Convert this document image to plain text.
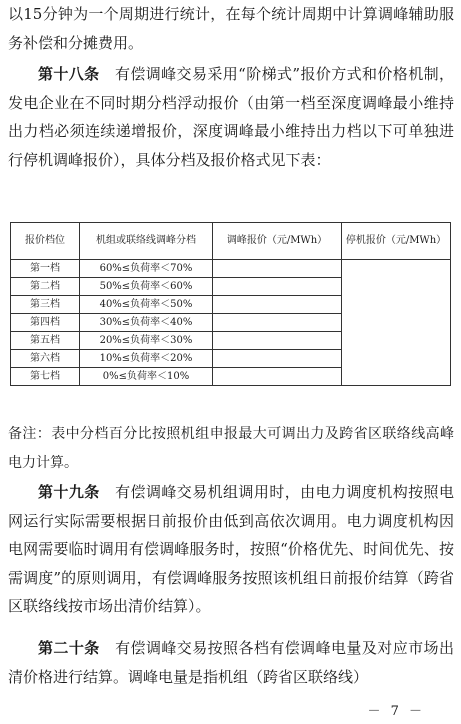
以15分钟为一个周期进行统计，在每个统计周期中计算调峰辅助服务补偿和分摊费用。

第十八条　 有偿调峰交易采用“阶梯式”报价方式和价格机制，发电企业在不同时期分档浮动报价（由第一档至深度调峰最小维持出力档必须连续递增报价，深度调峰最小维持出力档以下可单独进行停机调峰报价），具体分档及报价格式见下表：

报价档位	机组或联络线调峰分档	调峰报价（元/MWh）	停机报价（元/MWh）
第一档	60%≤负荷率＜70%		
第二档	50%≤负荷率＜60%		
第三档	40%≤负荷率＜50%		
第四档	30%≤负荷率＜40%		
第五档	20%≤负荷率＜30%		
第六档	10%≤负荷率＜20%		
第七档	0%≤负荷率＜10%		

备注：表中分档百分比按照机组申报最大可调出力及跨省区联络线高峰电力计算。

第十九条　 有偿调峰交易机组调用时，由电力调度机构按照电网运行实际需要根据日前报价由低到高依次调用。电力调度机构因电网需要临时调用有偿调峰服务时，按照“价格优先、时间优先、按需调度”的原则调用，有偿调峰服务按照该机组日前报价结算（跨省区联络线按市场出清价结算）。

第二十条　 有偿调峰交易按照各档有偿调峰电量及对应市场出清价格进行结算。调峰电量是指机组（跨省区联络线）

－ 7 －
